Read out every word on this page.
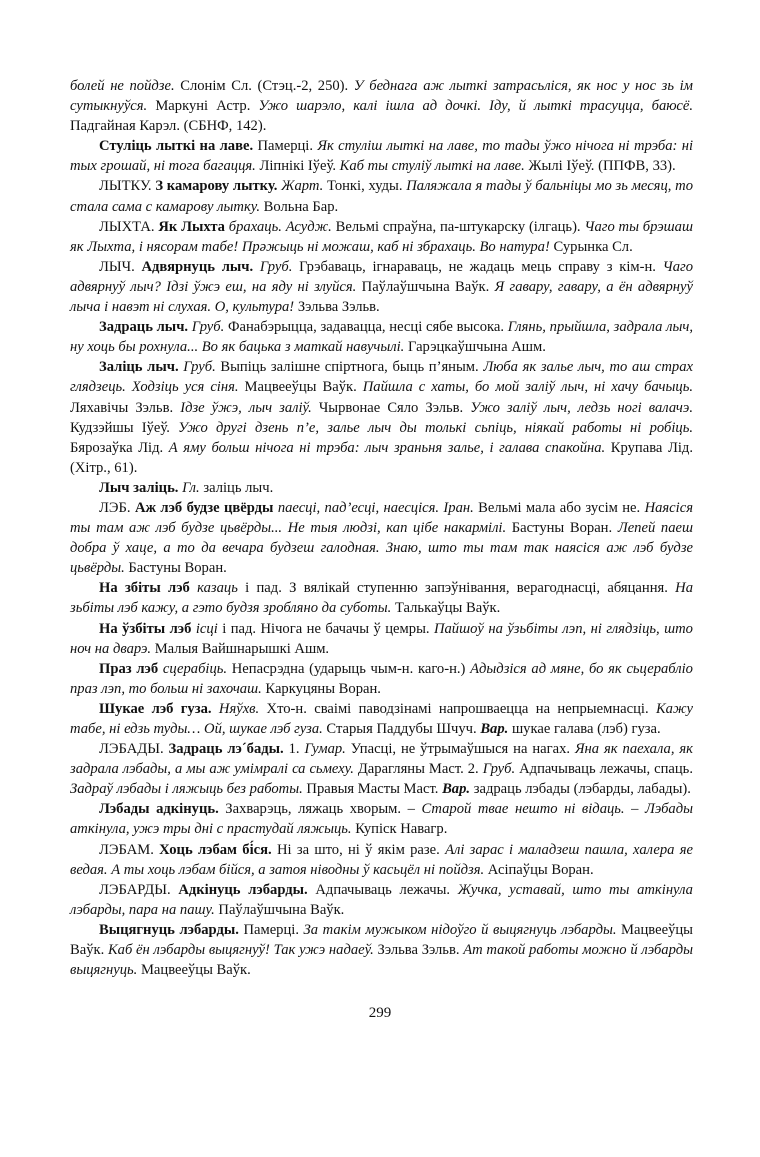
болей не пойдзе. Слонім Сл. (Стэц.-2, 250). У беднага аж лыткі затрасьліся, як нос у нос зь ім сутыкнуўся. Маркуні Астр. Ужо шарэло, калі ішла ад дочкі. Іду, й лыткі трасуцца, баюсё. Падгайная Карэл. (СБНФ, 142).

Стуліць лыткі на лаве. Памерці. Як стуліш лыткі на лаве, то тады ўжо нічога ні трэба: ні тых грошай, ні тога багацця. Ліпнікі Іўеў. Каб ты стуліў лыткі на лаве. Жылі Іўеў. (ППФВ, 33).

ЛЫТКУ. З камарову лытку. Жарт. Тонкі, худы. Паляжала я тады ў бальніцы мо зь месяц, то стала сама с камарову лытку. Вольна Бар.

ЛЫХТА. Як Лыхта брахаць. Асудж. Вельмі спраўна, па-штукарску (ілгаць). Чаго ты брэшаш як Лыхта, і нясорам табе! Прəжыць ні можаш, каб ні збрахаць. Во натура! Сурынка Сл.

ЛЫЧ. Адвярнуць лыч. Груб. Грэбаваць, ігнараваць, не жадаць мець справу з кім-н. Чаго адвярнуў лыч? Ідзі ўжэ еш, на яду ні злуйся. Паўлаўшчына Ваўк. Я гавару, гавару, а ён адвярнуў лыча і навэт ні слухая. О, культура! Зэльва Зэльв.

Задраць лыч. Груб. Фанабэрыцца, задавацца, несці сябе высока. Глянь, прыйшла, задрала лыч, ну хоць бы рохнула... Во як бацька з маткай навучылі. Гарэцкаўшчына Ашм.

Заліць лыч. Груб. Выпіць залішне спіртнога, быць п’яным. Люба як залье лыч, то аш страх глядзець. Ходзіць уся сіня. Мацвееўцы Ваўк. Пайшла с хаты, бо мой заліў лыч, ні хачу бачыць. Ляхавічы Зэльв. Ідзе ўжэ, лыч заліў. Чырвонае Сяло Зэльв. Ужо заліў лыч, ледзь ногі валачэ. Кудзэйшы Іўеў. Ужо другі дзень п’е, залье лыч ды толькі сьпіць, ніякай работы ні робіць. Бярозаўка Лід. А яму больш нічога ні трэба: лыч зраньня залье, і галава спакойна. Крупава Лід. (Хітр., 61).

Лыч заліць. Гл. заліць лыч.

ЛЭБ. Аж лэб будзе цвёрды паесці, пад’есці, наесціся. Іран. Вельмі мала або зусім не. Наясіся ты там аж лэб будзе цьвёрды... Не тыя людзі, кап цібе накармілі. Бастуны Воран. Лепей паеш добра ў хаце, а то да вечара будзеш галодная. Знаю, што ты там так наясіся аж лэб будзе цьвёрды. Бастуны Воран.

На збіты лэб казаць і пад. З вялікай ступенню запэўнівання, верагоднасці, абяцання. На зьбіты лэб кажу, а гэто будзя зробляно да суботы. Талькаўцы Ваўк.

На ўзбіты лэб ісці і пад. Нічога не бачачы ў цемры. Пайшоў на ўзьбіты лэп, ні глядзіць, што ноч на дварэ. Малыя Вайшнарышкі Ашм.

Праз лэб сцерабіць. Непасрэдна (ударыць чым-н. каго-н.) Адыдзіся ад мяне, бо як сьцерабліо праз лэп, то больш ні захочаш. Каркуцяны Воран.

Шукае лэб гуза. Няўхв. Хто-н. сваімі паводзінамі напрошваецца на непрыемнасці. Кажу табе, ні едзь туды… Ой, шукае лэб гуза. Старыя Паддубы Шчуч. Вар. шукае галава (лэб) гуза.

ЛЭБАДЫ. Задраць лэ´бады. 1. Гумар. Упасці, не ўтрымаўшыся на нагах. Яна як паехала, як задрала лэбады, а мы аж умімралі са сьмеху. Дарагляны Маст. 2. Груб. Адпачываць лежачы, спаць. Задраў лэбады і ляжыць без работы. Правыя Масты Маст. Вар. задраць лэбады (лэбарды, лабады).

Лэбады адкінуць. Захварэць, ляжаць хворым. – Старой твае нешто ні відаць. – Лэбады аткінула, ужэ тры дні с прастудай ляжыць. Купіск Навагр.

ЛЭБАМ. Хоць лэбам бі́ся. Ні за што, ні ў якім разе. Алі зарас і маладзеш пашла, халера яе ведая. А ты хоць лэбам бійся, а затоя ніводны ў касьцёл ні пойдзя. Асіпаўцы Воран.

ЛЭБАРДЫ. Адкінуць лэбарды. Адпачываць лежачы. Жучка, уставай, што ты аткінула лэбарды, пара на пашу. Паўлаўшчына Ваўк.

Выцягнуць лэбарды. Памерці. За такім мужыком нідоўго й выцягнуць лэбарды. Мацвееўцы Ваўк. Каб ён лэбарды выцягнуў! Так ужэ надаеў. Зэльва Зэльв. Ат такой работы можно й лэбарды выцягнуць. Мацвееўцы Ваўк.

299
